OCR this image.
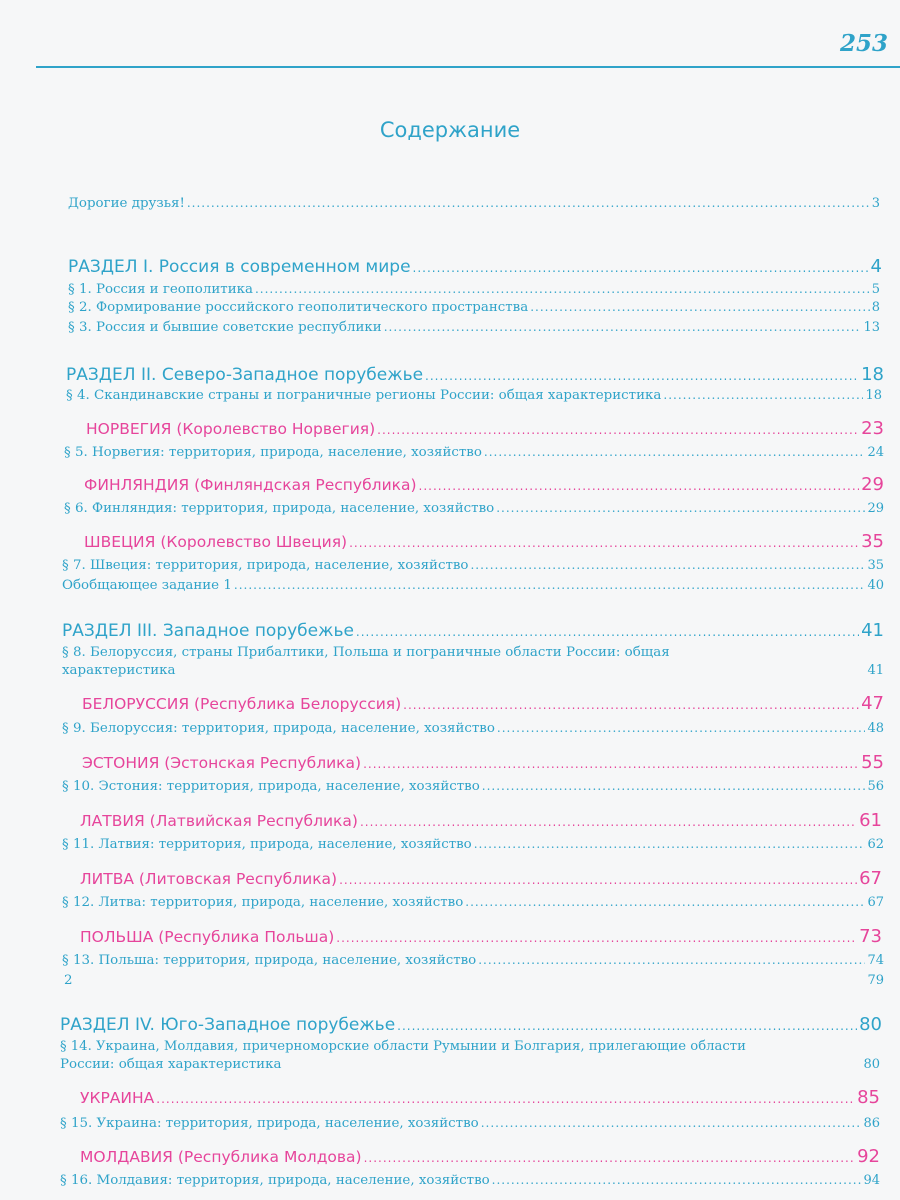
253
Содержание
Дорогие друзья! .....	3
РАЗДЕЛ I. Россия в современном мире .....	4
§ 1. Россия и геополитика .....	5
§ 2. Формирование российского геополитического пространства .....	8
§ 3. Россия и бывшие советские республики .....	13
РАЗДЕЛ II. Северо-Западное порубежье .....	18
§ 4. Скандинавские страны и пограничные регионы России: общая характеристика .....	18
НОРВЕГИЯ (Королевство Норвегия) .....	23
§ 5. Норвегия: территория, природа, население, хозяйство .....	24
ФИНЛЯНДИЯ (Финляндская Республика) .....	29
§ 6. Финляндия: территория, природа, население, хозяйство .....	29
ШВЕЦИЯ (Королевство Швеция) .....	35
§ 7. Швеция: территория, природа, население, хозяйство .....	35
Обобщающее задание 1 .....	40
РАЗДЕЛ III. Западное порубежье .....	41
§ 8. Белоруссия, страны Прибалтики, Польша и пограничные области России: общая
характеристика	41
БЕЛОРУССИЯ (Республика Белоруссия) .....	47
§ 9. Белоруссия: территория, природа, население, хозяйство .....	48
ЭСТОНИЯ (Эстонская Республика) .....	55
§ 10. Эстония: территория, природа, население, хозяйство .....	56
ЛАТВИЯ (Латвийская Республика) .....	61
§ 11. Латвия: территория, природа, население, хозяйство .....	62
ЛИТВА (Литовская Республика) .....	67
§ 12. Литва: территория, природа, население, хозяйство .....	67
ПОЛЬША (Республика Польша) .....	73
§ 13. Польша: территория, природа, население, хозяйство .....	74
2	79
РАЗДЕЛ IV. Юго-Западное порубежье .....	80
§ 14. Украина, Молдавия, причерноморские области Румынии и Болгария, прилегающие области
России: общая характеристика	80
УКРАИНА .....	85
§ 15. Украина: территория, природа, население, хозяйство .....	86
МОЛДАВИЯ (Республика Молдова) .....	92
§ 16. Молдавия: территория, природа, население, хозяйство .....	94
